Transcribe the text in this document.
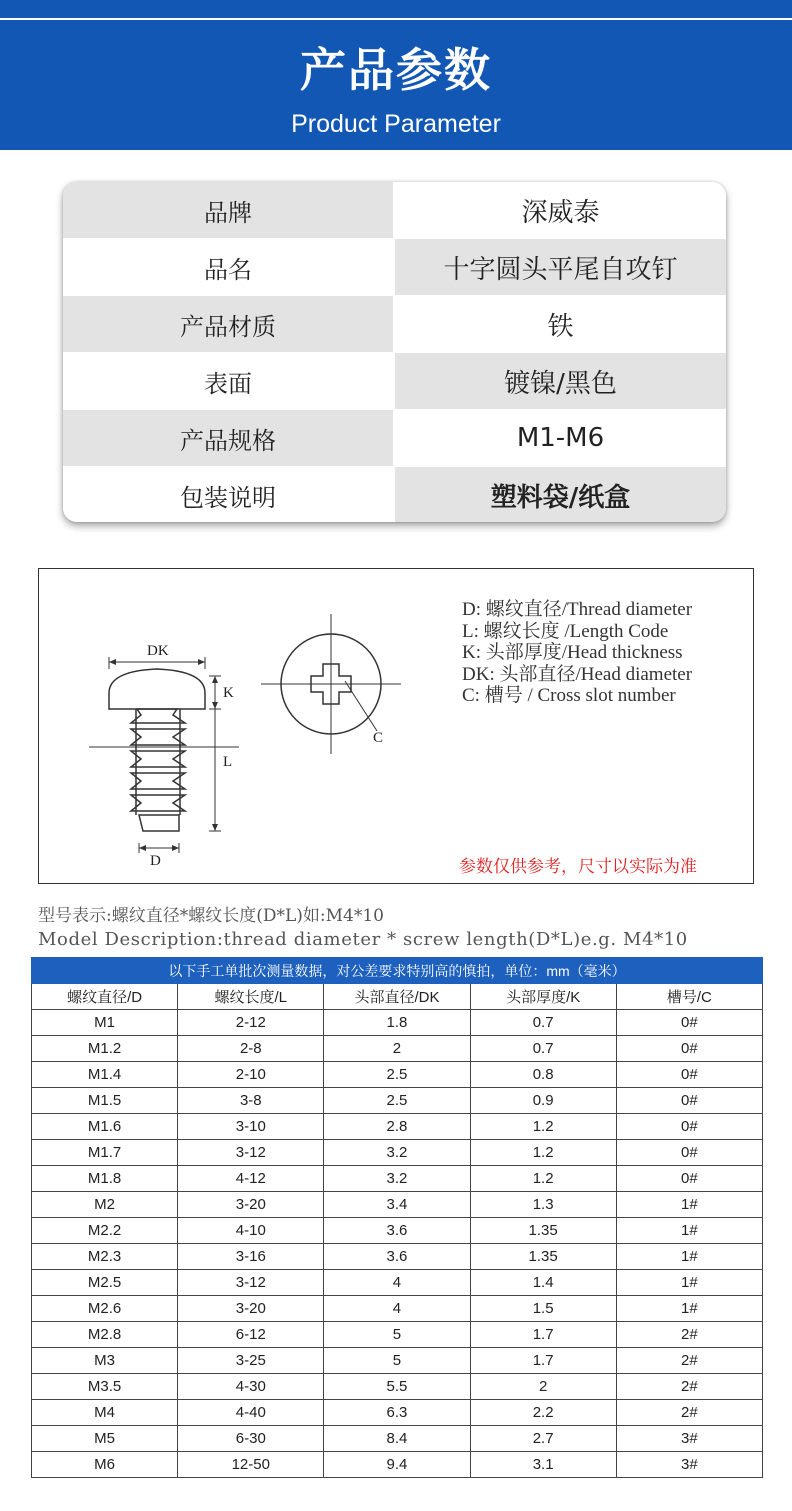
产品参数
Product Parameter
品牌	深威泰
品名	十字圆头平尾自攻钉
产品材质	铁
表面	镀镍/黑色
产品规格	M1-M6
包装说明	塑料袋/纸盒
DK
K
L
D
C
D: 螺纹直径/Thread diameter
L: 螺纹长度 /Length Code
K: 头部厚度/Head thickness
DK: 头部直径/Head diameter
C: 槽号 / Cross slot number
参数仅供参考，尺寸以实际为准
型号表示:螺纹直径*螺纹长度(D*L)如:M4*10
Model Description:thread diameter * screw length(D*L)e.g. M4*10
以下手工单批次测量数据，对公差要求特别高的慎拍，单位：mm（毫米）				
螺纹直径/D	螺纹长度/L	头部直径/DK	头部厚度/K	槽号/C
M1	2-12	1.8	0.7	0#
M1.2	2-8	2	0.7	0#
M1.4	2-10	2.5	0.8	0#
M1.5	3-8	2.5	0.9	0#
M1.6	3-10	2.8	1.2	0#
M1.7	3-12	3.2	1.2	0#
M1.8	4-12	3.2	1.2	0#
M2	3-20	3.4	1.3	1#
M2.2	4-10	3.6	1.35	1#
M2.3	3-16	3.6	1.35	1#
M2.5	3-12	4	1.4	1#
M2.6	3-20	4	1.5	1#
M2.8	6-12	5	1.7	2#
M3	3-25	5	1.7	2#
M3.5	4-30	5.5	2	2#
M4	4-40	6.3	2.2	2#
M5	6-30	8.4	2.7	3#
M6	12-50	9.4	3.1	3#
